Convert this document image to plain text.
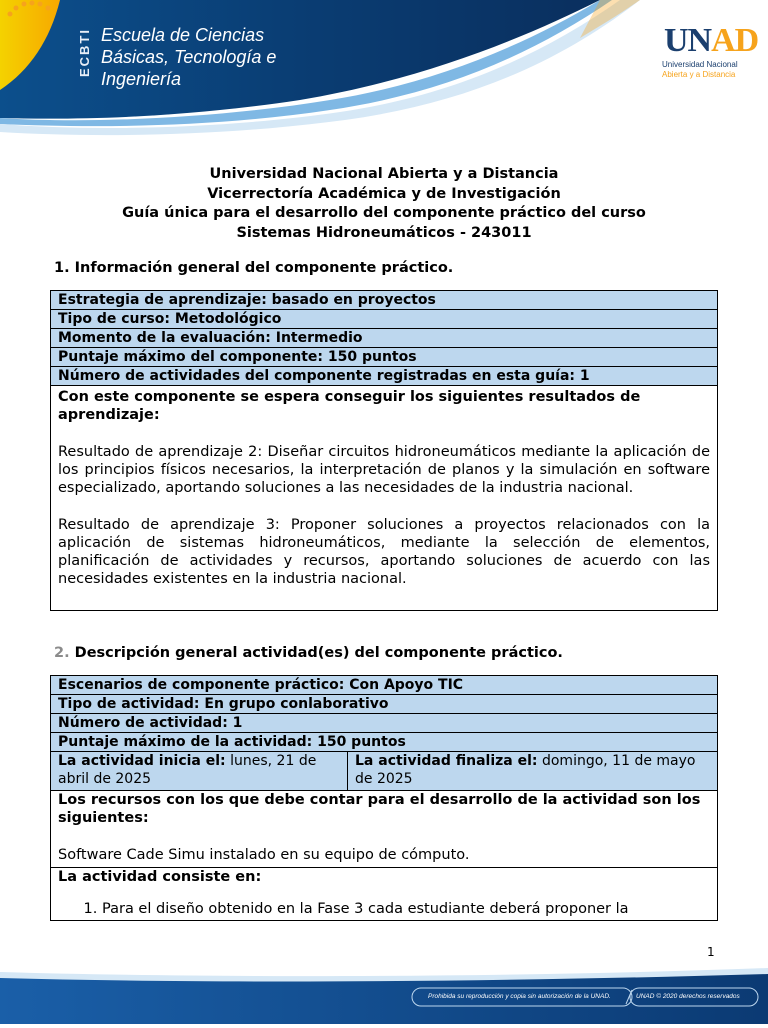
ECBTI Escuela de Ciencias
Básicas, Tecnología e
Ingeniería
UNAD
Universidad Nacional
Abierta y a Distancia
Universidad Nacional Abierta y a Distancia
Vicerrectoría Académica y de Investigación
Guía única para el desarrollo del componente práctico del curso
Sistemas Hidroneumáticos - 243011
1. Información general del componente práctico.
Estrategia de aprendizaje: basado en proyectos
Tipo de curso: Metodológico
Momento de la evaluación: Intermedio
Puntaje máximo del componente: 150 puntos
Número de actividades del componente registradas en esta guía: 1

Con este componente se espera conseguir los siguientes resultados de aprendizaje:
Resultado de aprendizaje 2: Diseñar circuitos hidroneumáticos mediante la aplicación de los principios físicos necesarios, la interpretación de planos y la simulación en software especializado, aportando soluciones a las necesidades de la industria nacional.
Resultado de aprendizaje 3: Proponer soluciones a proyectos relacionados con la aplicación de sistemas hidroneumáticos, mediante la selección de elementos, planificación de actividades y recursos, aportando soluciones de acuerdo con las necesidades existentes en la industria nacional.
2. Descripción general actividad(es) del componente práctico.
Escenarios de componente práctico: Con Apoyo TIC
Tipo de actividad: En grupo conlaborativo
Número de actividad: 1
Puntaje máximo de la actividad: 150 puntos
La actividad inicia el: lunes, 21 de abril de 2025	La actividad finaliza el: domingo, 11 de mayo de 2025

Los recursos con los que debe contar para el desarrollo de la actividad son los siguientes:
Software Cade Simu instalado en su equipo de cómputo.

La actividad consiste en:
1. Para el diseño obtenido en la Fase 3 cada estudiante deberá proponer la
1
Prohibida su reproducción y copia sin autorización de la UNAD.	UNAD © 2020 derechos reservados
